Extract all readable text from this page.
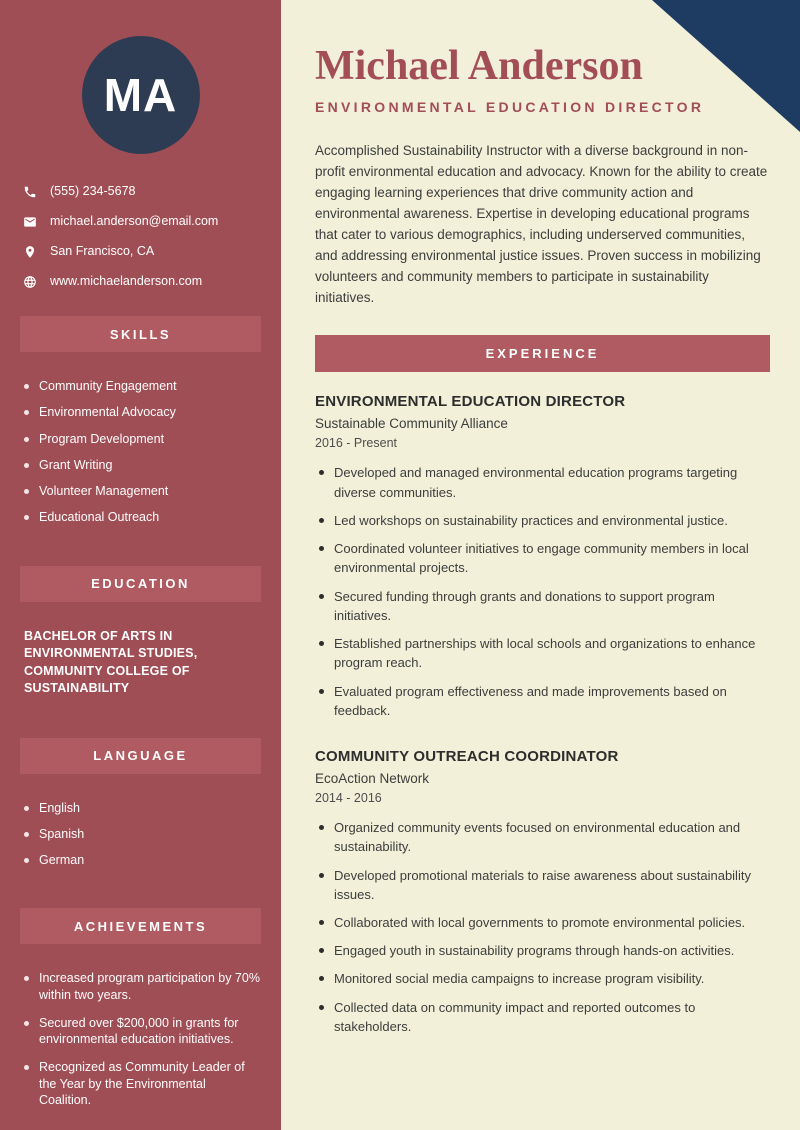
MA
(555) 234-5678
michael.anderson@email.com
San Francisco, CA
www.michaelanderson.com
SKILLS
Community Engagement
Environmental Advocacy
Program Development
Grant Writing
Volunteer Management
Educational Outreach
EDUCATION

BACHELOR OF ARTS IN ENVIRONMENTAL STUDIES, COMMUNITY COLLEGE OF SUSTAINABILITY

LANGUAGE
English
Spanish
German
ACHIEVEMENTS
Increased program participation by 70% within two years.
Secured over $200,000 in grants for environmental education initiatives.
Recognized as Community Leader of the Year by the Environmental Coalition.
Michael Anderson
ENVIRONMENTAL EDUCATION DIRECTOR

Accomplished Sustainability Instructor with a diverse background in non-profit environmental education and advocacy. Known for the ability to create engaging learning experiences that drive community action and environmental awareness. Expertise in developing educational programs that cater to various demographics, including underserved communities, and addressing environmental justice issues. Proven success in mobilizing volunteers and community members to participate in sustainability initiatives.

EXPERIENCE
ENVIRONMENTAL EDUCATION DIRECTOR
Sustainable Community Alliance
2016 - Present
Developed and managed environmental education programs targeting diverse communities.
Led workshops on sustainability practices and environmental justice.
Coordinated volunteer initiatives to engage community members in local environmental projects.
Secured funding through grants and donations to support program initiatives.
Established partnerships with local schools and organizations to enhance program reach.
Evaluated program effectiveness and made improvements based on feedback.
COMMUNITY OUTREACH COORDINATOR
EcoAction Network
2014 - 2016
Organized community events focused on environmental education and sustainability.
Developed promotional materials to raise awareness about sustainability issues.
Collaborated with local governments to promote environmental policies.
Engaged youth in sustainability programs through hands-on activities.
Monitored social media campaigns to increase program visibility.
Collected data on community impact and reported outcomes to stakeholders.
